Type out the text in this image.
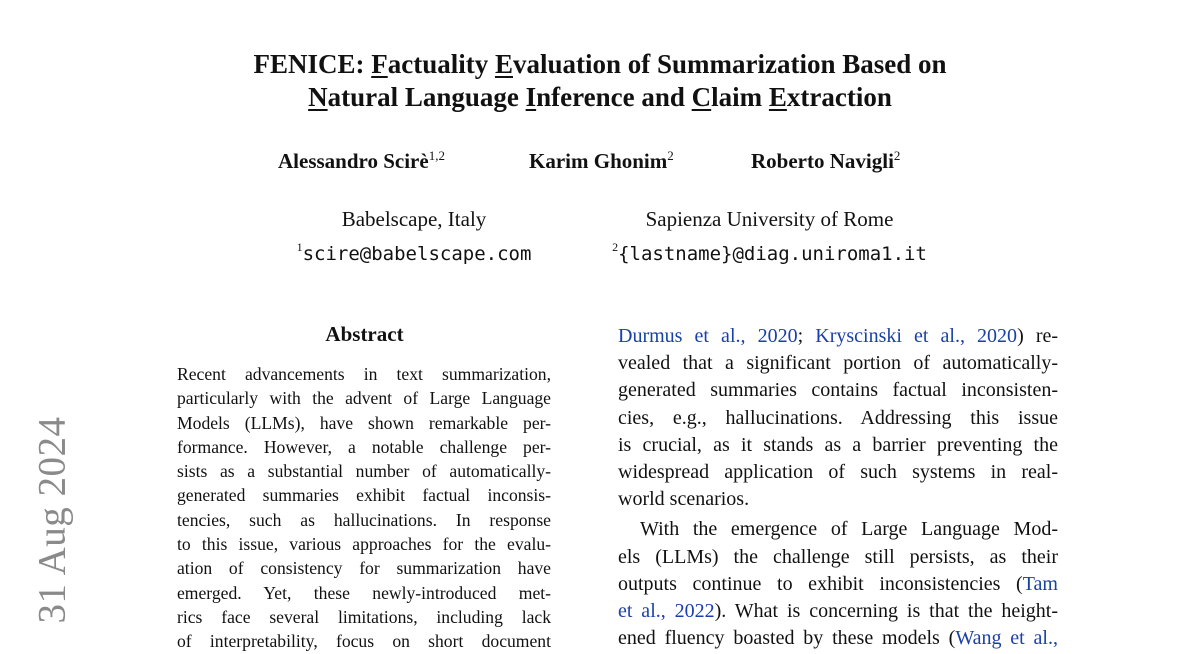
FENICE: Factuality Evaluation of Summarization Based on
Natural Language Inference and Claim Extraction
Alessandro Scirè$^{1,2}$	Karim Ghonim$^2$	Roberto Navigli$^2$
Babelscape, Italy
$^1$scire@babelscape.com
Sapienza University of Rome
$^2${lastname}@diag.uniroma1.it
31 Aug 2024
Abstract
Recent advancements in text summarization,
particularly with the advent of Large Language
Models (LLMs), have shown remarkable per-
formance. However, a notable challenge per-
sists as a substantial number of automatically-
generated summaries exhibit factual inconsis-
tencies, such as hallucinations. In response
to this issue, various approaches for the evalu-
ation of consistency for summarization have
emerged. Yet, these newly-introduced met-
rics face several limitations, including lack
of interpretability, focus on short document
Durmus et al., 2020; Kryscinski et al., 2020) re-
vealed that a significant portion of automatically-
generated summaries contains factual inconsisten-
cies, e.g., hallucinations. Addressing this issue
is crucial, as it stands as a barrier preventing the
widespread application of such systems in real-
world scenarios.
With the emergence of Large Language Mod-
els (LLMs) the challenge still persists, as their
outputs continue to exhibit inconsistencies (Tam
et al., 2022). What is concerning is that the height-
ened fluency boasted by these models (Wang et al.,
